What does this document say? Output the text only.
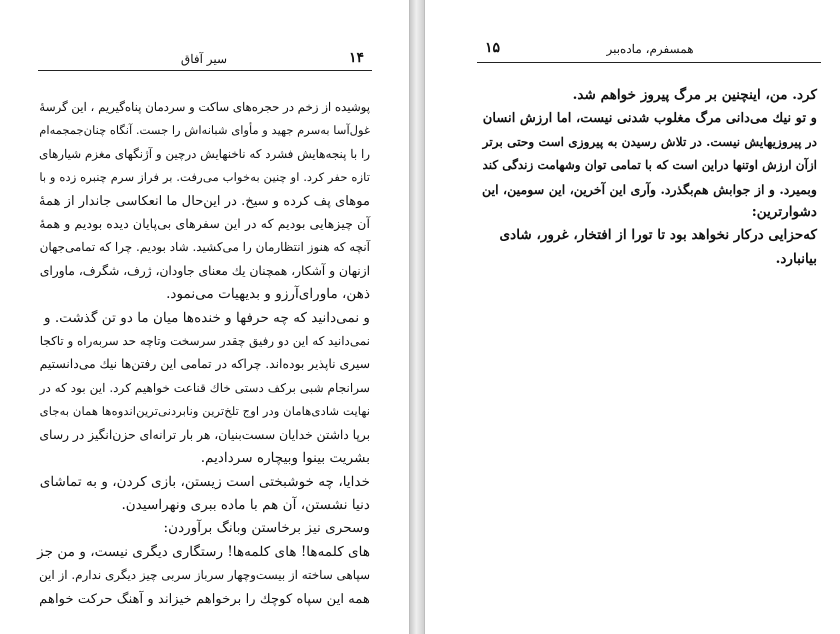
۱۴
سیر آفاق
پوشیده از زخم در حجره‌های ساکت و سردمان پناه‌گیریم ، این گرسهٔ
غول‌آسا بەسرم جهید و مأوای شبانه‌اش را جست. آنگاه چنان‌جمجمه‌ام
را با پنجه‌هایش فشرد که ناخنهایش درچین و آژنگهای مغزم شیارهای
تازه حفر کرد. او چنین به‌خواب می‌رفت. بر فراز سرم چنبره زده و با
موهای پف کرده و سیخ. در این‌حال ما انعکاسی جاندار از همهٔ
آن چیزهایی بودیم که در این سفرهای بی‌پایان دیده بودیم و همهٔ
آنچه که هنوز انتظارمان را می‌کشید. شاد بودیم. چرا که تمامی‌جهان
ازنهان و آشکار، همچنان یك معنای جاودان، ژرف، شگرف، ماورای
ذهن، ماورای‌آرزو و بدیهیات می‌نمود.
و نمی‌دانید که چه حرفها و خنده‌ها میان ما دو تن گذشت. و
نمی‌دانید که این دو رفیق چقدر سرسخت وتاچه حد سربه‌راه و تاکجا
سیری ناپذیر بوده‌اند. چراکه در تمامی این رفتن‌ها نیك می‌دانستیم
سرانجام شبی برکف دستی خاك قناعت خواهیم کرد. این بود که در
نهایت شادی‌هامان ودر اوج تلخ‌ترین ونابردنی‌ترین‌اندوه‌ها همان به‌جای
برپا داشتن خدایان سست‌بنیان، هر بار ترانه‌ای حزن‌انگیز در رسای
بشریت بینوا وبیچاره سردادیم.
خدایا، چه خوشبختی است زیستن، بازی کردن، و به تماشای
دنیا نشستن، آن هم با ماده ببری ونهراسیدن.
وسحری نیز برخاستن وبانگ برآوردن:
های کلمه‌ها! های کلمه‌ها! رستگاری دیگری نیست، و من جز
سپاهی ساخته از بیست‌وچهار سرباز سربی چیز دیگری ندارم. از این
همه این سپاه کوچك را برخواهم خیزاند و آهنگ حرکت خواهم
۱۵	همسفرم، ماده‌ببر
کرد. من، اینچنین بر مرگ پیروز خواهم شد.
و تو نیك می‌دانی مرگ مغلوب شدنی نیست، اما ارزش انسان
در پیروزیهایش نیست. در تلاش رسیدن به پیروزی است وحتی برتر
ازآن ارزش اوتنها دراین است که با تمامی توان وشهامت زندگی کند
وبمیرد. و از جوابش هم‌بگذرد. وآری این آخرین، این سومین، این
دشوارترین:
که‌حزایی درکار نخواهد بود تا تورا از افتخار، غرور، شادی
بیانبارد.
